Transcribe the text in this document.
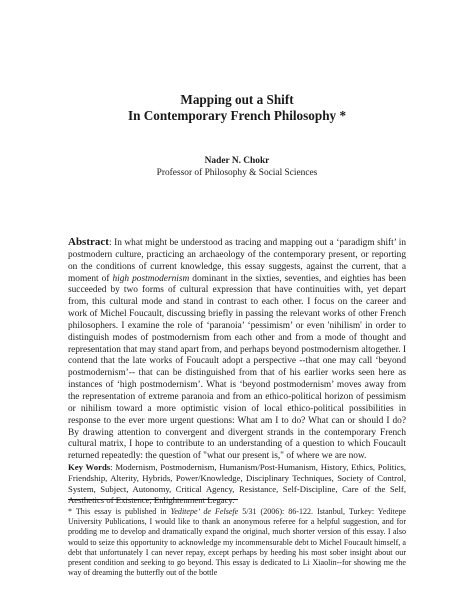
Mapping out a Shift
In Contemporary French Philosophy *
Nader N. Chokr
Professor of Philosophy & Social Sciences

Abstract: In what might be understood as tracing and mapping out a ‘paradigm shift’ in postmodern culture, practicing an archaeology of the contemporary present, or reporting on the conditions of current knowledge, this essay suggests, against the current, that a moment of high postmodernism dominant in the sixties, seventies, and eighties has been succeeded by two forms of cultural expression that have continuities with, yet depart from, this cultural mode and stand in contrast to each other. I focus on the career and work of Michel Foucault, discussing briefly in passing the relevant works of other French philosophers. I examine the role of ‘paranoia’ ‘pessimism’ or even 'nihilism' in order to distinguish modes of postmodernism from each other and from a mode of thought and representation that may stand apart from, and perhaps beyond postmodernism altogether. I contend that the late works of Foucault adopt a perspective --that one may call ‘beyond postmodernism’-- that can be distinguished from that of his earlier works seen here as instances of ‘high postmodernism’. What is ‘beyond postmodernism’ moves away from the representation of extreme paranoia and from an ethico-political horizon of pessimism or nihilism toward a more optimistic vision of local ethico-political possibilities in response to the ever more urgent questions: What am I to do? What can or should I do? By drawing attention to convergent and divergent strands in the contemporary French cultural matrix, I hope to contribute to an understanding of a question to which Foucault returned repeatedly: the question of "what our present is," of where we are now.

Key Words: Modernism, Postmodernism, Humanism/Post-Humanism, History, Ethics, Politics, Friendship, Alterity, Hybrids, Power/Knowledge, Disciplinary Techniques, Society of Control, System, Subject, Autonomy, Critical Agency, Resistance, Self-Discipline, Care of the Self, Aesthetics of Existence, Enlightenment Legacy.

* This essay is published in Yeditepe’ de Felsefe 5/31 (2006): 86-122. Istanbul, Turkey: Yeditepe University Publications, I would like to thank an anonymous referee for a helpful suggestion, and for prodding me to develop and dramatically expand the original, much shorter version of this essay. I also would to seize this opportunity to acknowledge my incommensurable debt to Michel Foucault himself, a debt that unfortunately I can never repay, except perhaps by heeding his most sober insight about our present condition and seeking to go beyond. This essay is dedicated to Li Xiaolin--for showing me the way of dreaming the butterfly out of the bottle
